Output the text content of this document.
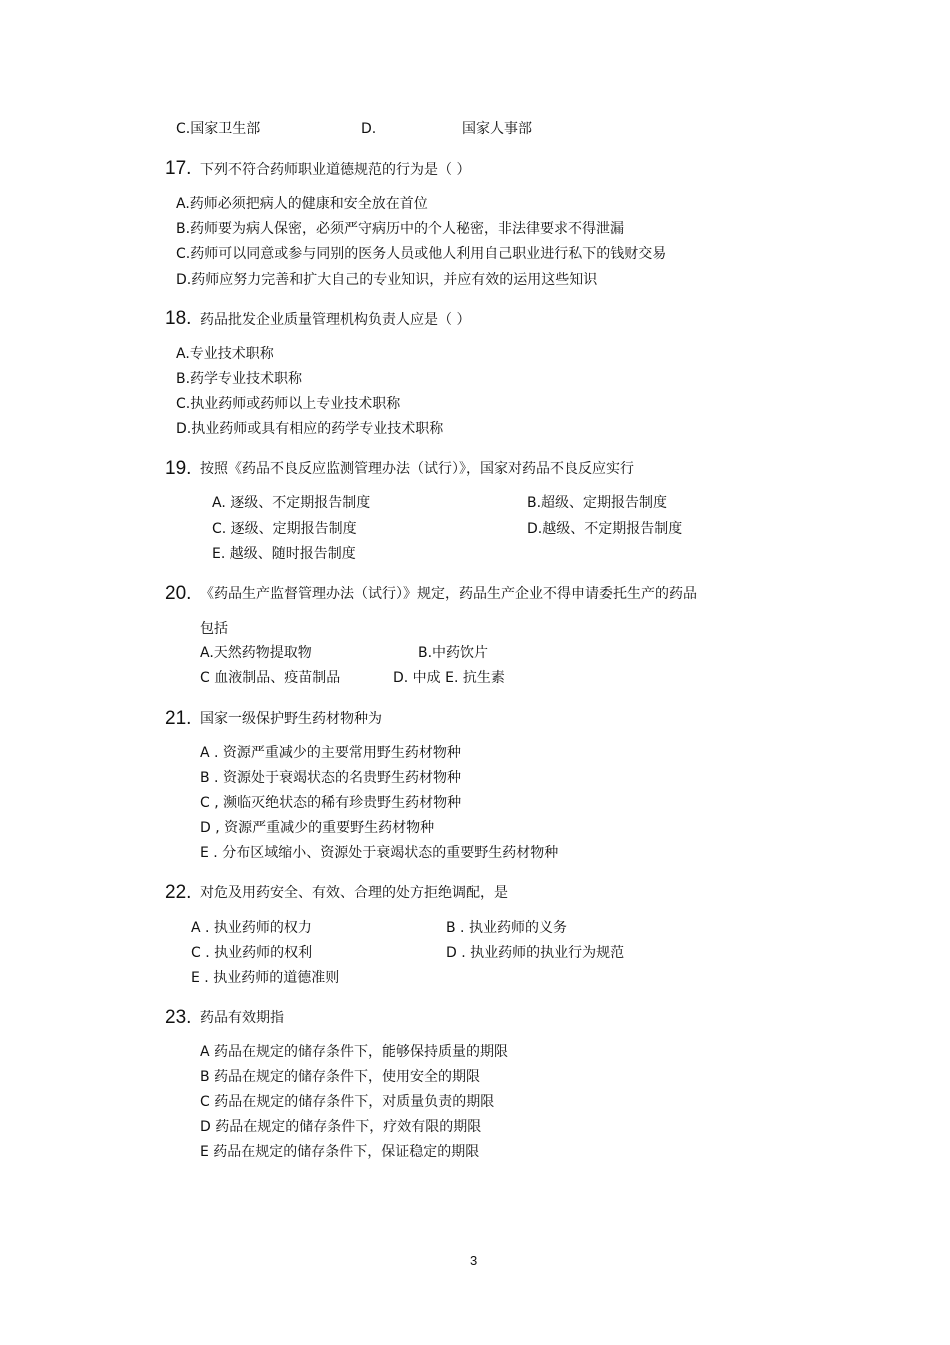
C.国家卫生部	D.	国家人事部
17. 下列不符合药师职业道德规范的行为是（ ）
A.药师必须把病人的健康和安全放在首位
B.药师要为病人保密，必须严守病历中的个人秘密，非法律要求不得泄漏
C.药师可以同意或参与同别的医务人员或他人利用自己职业进行私下的钱财交易
D.药师应努力完善和扩大自己的专业知识，并应有效的运用这些知识
18. 药品批发企业质量管理机构负责人应是（ ）
A.专业技术职称
B.药学专业技术职称
C.执业药师或药师以上专业技术职称
D.执业药师或具有相应的药学专业技术职称
19. 按照《药品不良反应监测管理办法（试行）》，国家对药品不良反应实行
A. 逐级、不定期报告制度	B.超级、定期报告制度
C. 逐级、定期报告制度	D.越级、不定期报告制度
E. 越级、随时报告制度
20. 《药品生产监督管理办法（试行）》规定，药品生产企业不得申请委托生产的药品
包括
A.天然药物提取物	B.中药饮片
C 血液制品、疫苗制品	D. 中成 E. 抗生素
21. 国家一级保护野生药材物种为
A . 资源严重减少的主要常用野生药材物种
B . 资源处于衰竭状态的名贵野生药材物种
C , 濒临灭绝状态的稀有珍贵野生药材物种
D , 资源严重减少的重要野生药材物种
E . 分布区域缩小、资源处于衰竭状态的重要野生药材物种
22. 对危及用药安全、有效、合理的处方拒绝调配，是
A . 执业药师的权力	B . 执业药师的义务
C . 执业药师的权利	D . 执业药师的执业行为规范
E . 执业药师的道德准则
23. 药品有效期指
A 药品在规定的储存条件下，能够保持质量的期限
B 药品在规定的储存条件下，使用安全的期限
C 药品在规定的储存条件下，对质量负责的期限
D 药品在规定的储存条件下，疗效有限的期限
E 药品在规定的储存条件下，保证稳定的期限
3
